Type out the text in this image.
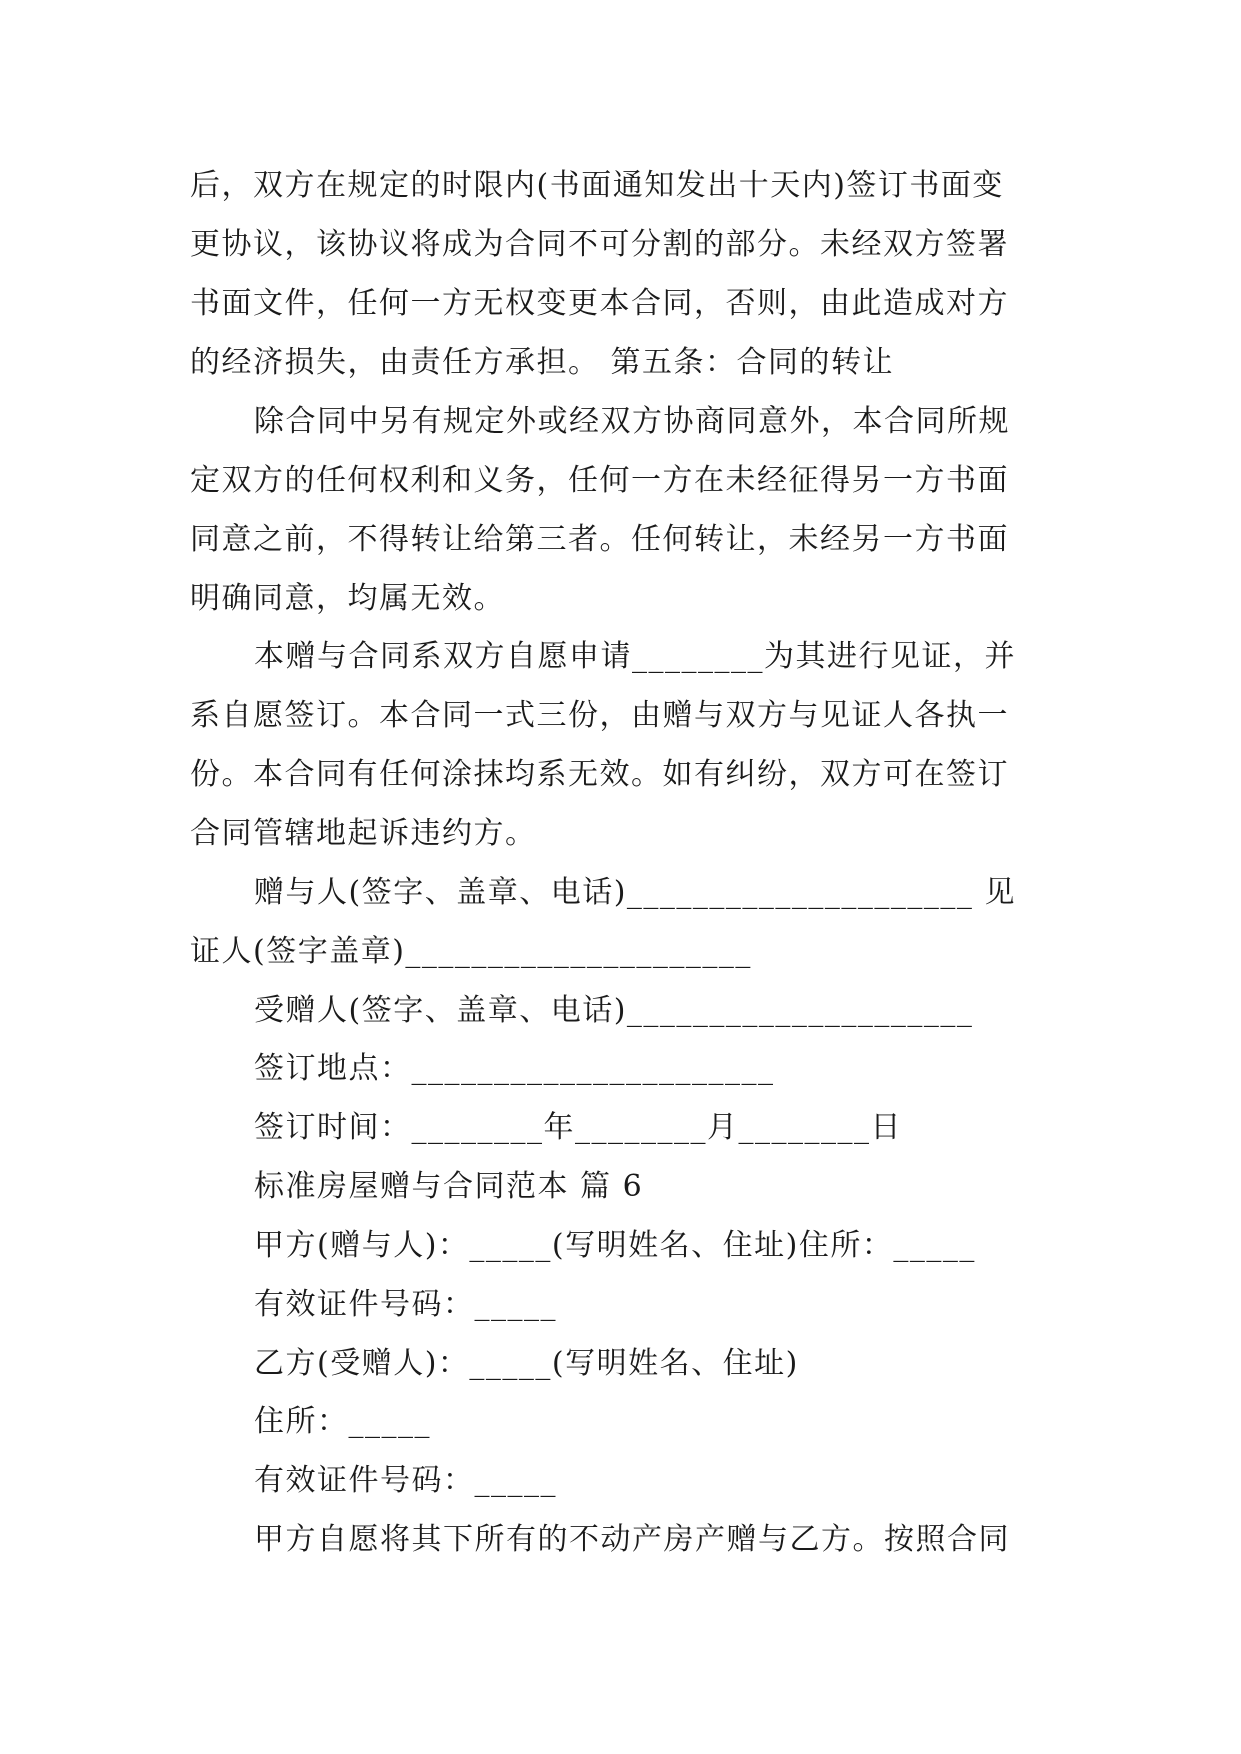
后，双方在规定的时限内(书面通知发出十天内)签订书面变
更协议，该协议将成为合同不可分割的部分。未经双方签署
书面文件，任何一方无权变更本合同，否则，由此造成对方
的经济损失，由责任方承担。 第五条：合同的转让
除合同中另有规定外或经双方协商同意外，本合同所规
定双方的任何权利和义务，任何一方在未经征得另一方书面
同意之前，不得转让给第三者。任何转让，未经另一方书面
明确同意，均属无效。
本赠与合同系双方自愿申请________为其进行见证，并
系自愿签订。本合同一式三份，由赠与双方与见证人各执一
份。本合同有任何涂抹均系无效。如有纠纷，双方可在签订
合同管辖地起诉违约方。
赠与人(签字、盖章、电话)_____________________ 见
证人(签字盖章)_____________________
受赠人(签字、盖章、电话)_____________________
签订地点：______________________
签订时间：________年________月________日
标准房屋赠与合同范本 篇 6
甲方(赠与人)：_____(写明姓名、住址)住所：_____
有效证件号码：_____
乙方(受赠人)：_____(写明姓名、住址)
住所：_____
有效证件号码：_____
甲方自愿将其下所有的不动产房产赠与乙方。按照合同
